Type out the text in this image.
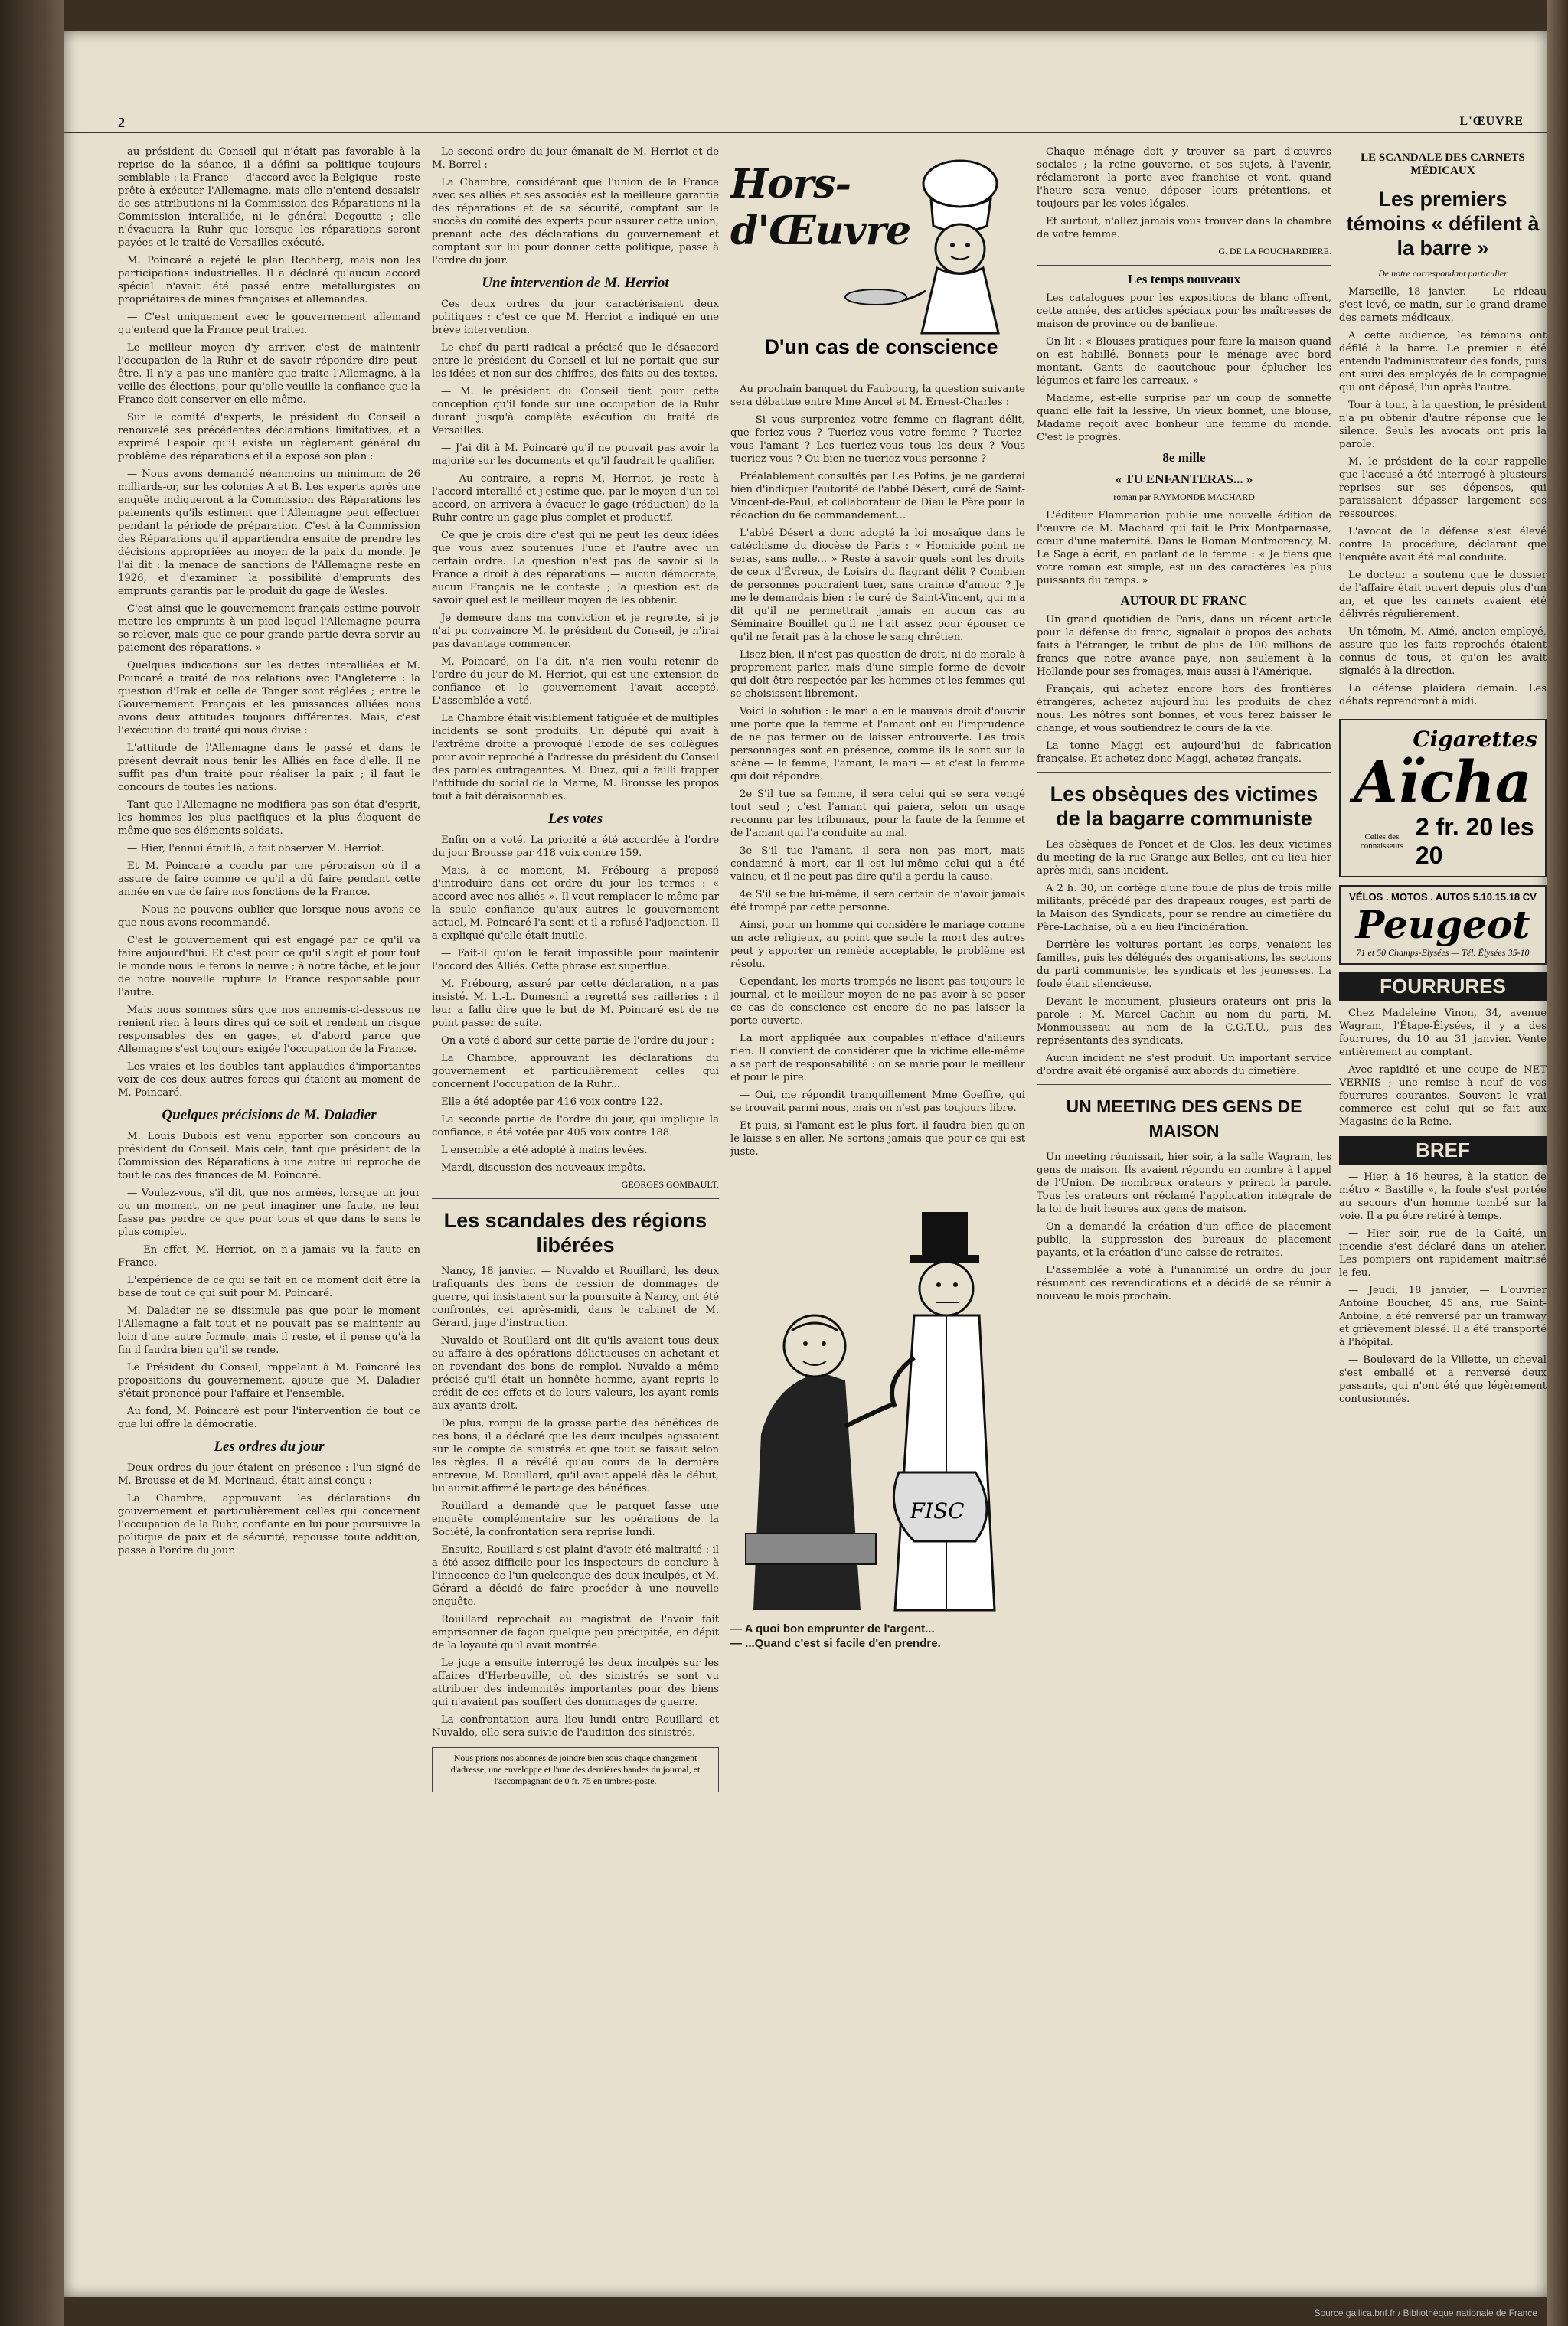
2	L'ŒUVRE

au président du Conseil qui n'était pas favorable à la reprise de la séance, il a défini sa politique toujours semblable : la France — d'accord avec la Belgique — reste prête à exécuter l'Allemagne, mais elle n'entend dessaisir de ses attributions ni la Commission des Réparations ni la Commission interalliée, ni le général Degoutte ; elle n'évacuera la Ruhr que lorsque les réparations seront payées et le traité de Versailles exécuté.

M. Poincaré a rejeté le plan Rechberg, mais non les participations industrielles. Il a déclaré qu'aucun accord spécial n'avait été passé entre métallurgistes ou propriétaires de mines françaises et allemandes.

— C'est uniquement avec le gouvernement allemand qu'entend que la France peut traiter.

Le meilleur moyen d'y arriver, c'est de maintenir l'occupation de la Ruhr et de savoir répondre dire peut-être. Il n'y a pas une manière que traite l'Allemagne, à la veille des élections, pour qu'elle veuille la confiance que la France doit conserver en elle-même.

Sur le comité d'experts, le président du Conseil a renouvelé ses précédentes déclarations limitatives, et a exprimé l'espoir qu'il existe un règlement général du problème des réparations et il a exposé son plan :

— Nous avons demandé néanmoins un minimum de 26 milliards-or, sur les colonies A et B. Les experts après une enquête indiqueront à la Commission des Réparations les paiements qu'ils estiment que l'Allemagne peut effectuer pendant la période de préparation. C'est à la Commission des Réparations qu'il appartiendra ensuite de prendre les décisions appropriées au moyen de la paix du monde. Je l'ai dit : la menace de sanctions de l'Allemagne reste en 1926, et d'examiner la possibilité d'emprunts des emprunts garantis par le produit du gage de Wesles.

C'est ainsi que le gouvernement français estime pouvoir mettre les emprunts à un pied lequel l'Allemagne pourra se relever, mais que ce pour grande partie devra servir au paiement des réparations. »

Quelques indications sur les dettes interalliées et M. Poincaré a traité de nos relations avec l'Angleterre : la question d'Irak et celle de Tanger sont réglées ; entre le Gouvernement Français et les puissances alliées nous avons deux attitudes toujours différentes. Mais, c'est l'exécution du traité qui nous divise :

L'attitude de l'Allemagne dans le passé et dans le présent devrait nous tenir les Alliés en face d'elle. Il ne suffit pas d'un traité pour réaliser la paix ; il faut le concours de toutes les nations.

Tant que l'Allemagne ne modifiera pas son état d'esprit, les hommes les plus pacifiques et la plus éloquent de même que ses éléments soldats.

— Hier, l'ennui était là, a fait observer M. Herriot.

Et M. Poincaré a conclu par une péroraison où il a assuré de faire comme ce qu'il a dû faire pendant cette année en vue de faire nos fonctions de la France.

— Nous ne pouvons oublier que lorsque nous avons ce que nous avons recommandé.

C'est le gouvernement qui est engagé par ce qu'il va faire aujourd'hui. Et c'est pour ce qu'il s'agit et pour tout le monde nous le ferons la neuve ; à notre tâche, et le jour de notre nouvelle rupture la France responsable pour l'autre.

Mais nous sommes sûrs que nos ennemis-ci-dessous ne renient rien à leurs dires qui ce soit et rendent un risque responsables des en gages, et d'abord parce que Allemagne s'est toujours exigée l'occupation de la France.

Les vraies et les doubles tant applaudies d'importantes voix de ces deux autres forces qui étaient au moment de M. Poincaré.

Quelques précisions de M. Daladier

M. Louis Dubois est venu apporter son concours au président du Conseil. Mais cela, tant que président de la Commission des Réparations à une autre lui reproche de tout le cas des finances de M. Poincaré.

— Voulez-vous, s'il dit, que nos armées, lorsque un jour ou un moment, on ne peut imaginer une faute, ne leur fasse pas perdre ce que pour tous et que dans le sens le plus complet.

— En effet, M. Herriot, on n'a jamais vu la faute en France.

L'expérience de ce qui se fait en ce moment doit être la base de tout ce qui suit pour M. Poincaré.

M. Daladier ne se dissimule pas que pour le moment l'Allemagne a fait tout et ne pouvait pas se maintenir au loin d'une autre formule, mais il reste, et il pense qu'à la fin il faudra bien qu'il se rende.

Le Président du Conseil, rappelant à M. Poincaré les propositions du gouvernement, ajoute que M. Daladier s'était prononcé pour l'affaire et l'ensemble.

Au fond, M. Poincaré est pour l'intervention de tout ce que lui offre la démocratie.

Les ordres du jour

Deux ordres du jour étaient en présence : l'un signé de M. Brousse et de M. Morinaud, était ainsi conçu :

La Chambre, approuvant les déclarations du gouvernement et particulièrement celles qui concernent l'occupation de la Ruhr, confiante en lui pour poursuivre la politique de paix et de sécurité, repousse toute addition, passe à l'ordre du jour.

Le second ordre du jour émanait de M. Herriot et de M. Borrel :

La Chambre, considérant que l'union de la France avec ses alliés et ses associés est la meilleure garantie des réparations et de sa sécurité, comptant sur le succès du comité des experts pour assurer cette union, prenant acte des déclarations du gouvernement et comptant sur lui pour donner cette politique, passe à l'ordre du jour.

Une intervention de M. Herriot

Ces deux ordres du jour caractérisaient deux politiques : c'est ce que M. Herriot a indiqué en une brève intervention.

Le chef du parti radical a précisé que le désaccord entre le président du Conseil et lui ne portait que sur les idées et non sur des chiffres, des faits ou des textes.

— M. le président du Conseil tient pour cette conception qu'il fonde sur une occupation de la Ruhr durant jusqu'à complète exécution du traité de Versailles.

— J'ai dit à M. Poincaré qu'il ne pouvait pas avoir la majorité sur les documents et qu'il faudrait le qualifier.

— Au contraire, a repris M. Herriot, je reste à l'accord interallié et j'estime que, par le moyen d'un tel accord, on arrivera à évacuer le gage (réduction) de la Ruhr contre un gage plus complet et productif.

Ce que je crois dire c'est qui ne peut les deux idées que vous avez soutenues l'une et l'autre avec un certain ordre. La question n'est pas de savoir si la France a droit à des réparations — aucun démocrate, aucun Français ne le conteste ; la question est de savoir quel est le meilleur moyen de les obtenir.

Je demeure dans ma conviction et je regrette, si je n'ai pu convaincre M. le président du Conseil, je n'irai pas davantage commencer.

M. Poincaré, on l'a dit, n'a rien voulu retenir de l'ordre du jour de M. Herriot, qui est une extension de confiance et le gouvernement l'avait accepté. L'assemblée a voté.

La Chambre était visiblement fatiguée et de multiples incidents se sont produits. Un député qui avait à l'extrême droite a provoqué l'exode de ses collègues pour avoir reproché à l'adresse du président du Conseil des paroles outrageantes. M. Duez, qui a failli frapper l'attitude du social de la Marne, M. Brousse les propos tout à fait déraisonnables.

Les votes

Enfin on a voté. La priorité a été accordée à l'ordre du jour Brousse par 418 voix contre 159.

Mais, à ce moment, M. Frébourg a proposé d'introduire dans cet ordre du jour les termes : « accord avec nos alliés ». Il veut remplacer le même par la seule confiance qu'aux autres le gouvernement actuel, M. Poincaré l'a senti et il a refusé l'adjonction. Il a expliqué qu'elle était inutile.

— Fait-il qu'on le ferait impossible pour maintenir l'accord des Alliés. Cette phrase est superflue.

M. Frébourg, assuré par cette déclaration, n'a pas insisté. M. L.-L. Dumesnil a regretté ses railleries : il leur a fallu dire que le but de M. Poincaré est de ne point passer de suite.

On a voté d'abord sur cette partie de l'ordre du jour :

La Chambre, approuvant les déclarations du gouvernement et particulièrement celles qui concernent l'occupation de la Ruhr...

Elle a été adoptée par 416 voix contre 122.

La seconde partie de l'ordre du jour, qui implique la confiance, a été votée par 405 voix contre 188.

L'ensemble a été adopté à mains levées.

Mardi, discussion des nouveaux impôts.

GEORGES GOMBAULT.
Les scandales des régions libérées

Nancy, 18 janvier. — Nuvaldo et Rouillard, les deux trafiquants des bons de cession de dommages de guerre, qui insistaient sur la poursuite à Nancy, ont été confrontés, cet après-midi, dans le cabinet de M. Gérard, juge d'instruction.

Nuvaldo et Rouillard ont dit qu'ils avaient tous deux eu affaire à des opérations délictueuses en achetant et en revendant des bons de remploi. Nuvaldo a même précisé qu'il était un honnête homme, ayant repris le crédit de ces effets et de leurs valeurs, les ayant remis aux ayants droit.

De plus, rompu de la grosse partie des bénéfices de ces bons, il a déclaré que les deux inculpés agissaient sur le compte de sinistrés et que tout se faisait selon les règles. Il a révélé qu'au cours de la dernière entrevue, M. Rouillard, qu'il avait appelé dès le début, lui aurait affirmé le partage des bénéfices.

Rouillard a demandé que le parquet fasse une enquête complémentaire sur les opérations de la Société, la confrontation sera reprise lundi.

Ensuite, Rouillard s'est plaint d'avoir été maltraité : il a été assez difficile pour les inspecteurs de conclure à l'innocence de l'un quelconque des deux inculpés, et M. Gérard a décidé de faire procéder à une nouvelle enquête.

Rouillard reprochait au magistrat de l'avoir fait emprisonner de façon quelque peu précipitée, en dépit de la loyauté qu'il avait montrée.

Le juge a ensuite interrogé les deux inculpés sur les affaires d'Herbeuville, où des sinistrés se sont vu attribuer des indemnités importantes pour des biens qui n'avaient pas souffert des dommages de guerre.

La confrontation aura lieu lundi entre Rouillard et Nuvaldo, elle sera suivie de l'audition des sinistrés.

Nous prions nos abonnés de joindre bien sous chaque changement d'adresse, une enveloppe et l'une des dernières bandes du journal, et l'accompagnant de 0 fr. 75 en timbres-poste.
Hors-d'Œuvre
D'un cas de conscience

Au prochain banquet du Faubourg, la question suivante sera débattue entre Mme Ancel et M. Ernest-Charles :

— Si vous surpreniez votre femme en flagrant délit, que feriez-vous ? Tueriez-vous votre femme ? Tueriez-vous l'amant ? Les tueriez-vous tous les deux ? Vous tueriez-vous ? Ou bien ne tueriez-vous personne ?

Préalablement consultés par Les Potins, je ne garderai bien d'indiquer l'autorité de l'abbé Désert, curé de Saint-Vincent-de-Paul, et collaborateur de Dieu le Père pour la rédaction du 6e commandement...

L'abbé Désert a donc adopté la loi mosaïque dans le catéchisme du diocèse de Paris : « Homicide point ne seras, sans nulle... » Reste à savoir quels sont les droits de ceux d'Évreux, de Loisirs du flagrant délit ? Combien de personnes pourraient tuer, sans crainte d'amour ? Je me le demandais bien : le curé de Saint-Vincent, qui m'a dit qu'il ne permettrait jamais en aucun cas au Séminaire Bouillet qu'il ne l'ait assez pour épouser ce qu'il ne ferait pas à la chose le sang chrétien.

Lisez bien, il n'est pas question de droit, ni de morale à proprement parler, mais d'une simple forme de devoir qui doit être respectée par les hommes et les femmes qui se choisissent librement.

Voici la solution : le mari a en le mauvais droit d'ouvrir une porte que la femme et l'amant ont eu l'imprudence de ne pas fermer ou de laisser entrouverte. Les trois personnages sont en présence, comme ils le sont sur la scène — la femme, l'amant, le mari — et c'est la femme qui doit répondre.

2e S'il tue sa femme, il sera celui qui se sera vengé tout seul ; c'est l'amant qui paiera, selon un usage reconnu par les tribunaux, pour la faute de la femme et de l'amant qui l'a conduite au mal.

3e S'il tue l'amant, il sera non pas mort, mais condamné à mort, car il est lui-même celui qui a été vaincu, et il ne peut pas dire qu'il a perdu la cause.

4e S'il se tue lui-même, il sera certain de n'avoir jamais été trompé par cette personne.

Ainsi, pour un homme qui considère le mariage comme un acte religieux, au point que seule la mort des autres peut y apporter un remède acceptable, le problème est résolu.

Cependant, les morts trompés ne lisent pas toujours le journal, et le meilleur moyen de ne pas avoir à se poser ce cas de conscience est encore de ne pas laisser la porte ouverte.

La mort appliquée aux coupables n'efface d'ailleurs rien. Il convient de considérer que la victime elle-même a sa part de responsabilité : on se marie pour le meilleur et pour le pire.

— Oui, me répondit tranquillement Mme Goeffre, qui se trouvait parmi nous, mais on n'est pas toujours libre.

Et puis, si l'amant est le plus fort, il faudra bien qu'on le laisse s'en aller. Ne sortons jamais que pour ce qui est juste.

FISC

— A quoi bon emprunter de l'argent...

— ...Quand c'est si facile d'en prendre.

Chaque ménage doit y trouver sa part d'œuvres sociales ; la reine gouverne, et ses sujets, à l'avenir, réclameront la porte avec franchise et vont, quand l'heure sera venue, déposer leurs prétentions, et toujours par les voies légales.

Et surtout, n'allez jamais vous trouver dans la chambre de votre femme.

G. DE LA FOUCHARDIÈRE.
Les temps nouveaux

Les catalogues pour les expositions de blanc offrent, cette année, des articles spéciaux pour les maîtresses de maison de province ou de banlieue.

On lit : « Blouses pratiques pour faire la maison quand on est habillé. Bonnets pour le ménage avec bord montant. Gants de caoutchouc pour éplucher les légumes et faire les carreaux. »

Madame, est-elle surprise par un coup de sonnette quand elle fait la lessive, Un vieux bonnet, une blouse, Madame reçoit avec bonheur une femme du monde. C'est le progrès.

8e mille
« TU ENFANTERAS... »
roman par RAYMONDE MACHARD

L'éditeur Flammarion publie une nouvelle édition de l'œuvre de M. Machard qui fait le Prix Montparnasse, cœur d'une maternité. Dans le Roman Montmorency, M. Le Sage à écrit, en parlant de la femme : « Je tiens que votre roman est simple, est un des caractères les plus puissants du temps. »

AUTOUR DU FRANC

Un grand quotidien de Paris, dans un récent article pour la défense du franc, signalait à propos des achats faits à l'étranger, le tribut de plus de 100 millions de francs que notre avance paye, non seulement à la Hollande pour ses fromages, mais aussi à l'Amérique.

Français, qui achetez encore hors des frontières étrangères, achetez aujourd'hui les produits de chez nous. Les nôtres sont bonnes, et vous ferez baisser le change, et vous soutiendrez le cours de la vie.

La tonne Maggi est aujourd'hui de fabrication française. Et achetez donc Maggi, achetez français.

Les obsèques des victimes de la bagarre communiste

Les obsèques de Poncet et de Clos, les deux victimes du meeting de la rue Grange-aux-Belles, ont eu lieu hier après-midi, sans incident.

A 2 h. 30, un cortège d'une foule de plus de trois mille militants, précédé par des drapeaux rouges, est parti de la Maison des Syndicats, pour se rendre au cimetière du Père-Lachaise, où a eu lieu l'incinération.

Derrière les voitures portant les corps, venaient les familles, puis les délégués des organisations, les sections du parti communiste, les syndicats et les jeunesses. La foule était silencieuse.

Devant le monument, plusieurs orateurs ont pris la parole : M. Marcel Cachin au nom du parti, M. Monmousseau au nom de la C.G.T.U., puis des représentants des syndicats.

Aucun incident ne s'est produit. Un important service d'ordre avait été organisé aux abords du cimetière.

UN MEETING DES GENS DE MAISON

Un meeting réunissait, hier soir, à la salle Wagram, les gens de maison. Ils avaient répondu en nombre à l'appel de l'Union. De nombreux orateurs y prirent la parole. Tous les orateurs ont réclamé l'application intégrale de la loi de huit heures aux gens de maison.

On a demandé la création d'un office de placement public, la suppression des bureaux de placement payants, et la création d'une caisse de retraites.

L'assemblée a voté à l'unanimité un ordre du jour résumant ces revendications et a décidé de se réunir à nouveau le mois prochain.

LE SCANDALE DES CARNETS MÉDICAUX
Les premiers témoins « défilent à la barre »
De notre correspondant particulier

Marseille, 18 janvier. — Le rideau s'est levé, ce matin, sur le grand drame des carnets médicaux.

A cette audience, les témoins ont défilé à la barre. Le premier a été entendu l'administrateur des fonds, puis ont suivi des employés de la compagnie qui ont déposé, l'un après l'autre.

Tour à tour, à la question, le président n'a pu obtenir d'autre réponse que le silence. Seuls les avocats ont pris la parole.

M. le président de la cour rappelle que l'accusé a été interrogé à plusieurs reprises sur ses dépenses, qui paraissaient dépasser largement ses ressources.

L'avocat de la défense s'est élevé contre la procédure, déclarant que l'enquête avait été mal conduite.

Le docteur a soutenu que le dossier de l'affaire était ouvert depuis plus d'un an, et que les carnets avaient été délivrés régulièrement.

Un témoin, M. Aimé, ancien employé, assure que les faits reprochés étaient connus de tous, et qu'on les avait signalés à la direction.

La défense plaidera demain. Les débats reprendront à midi.

Cigarettes
Aïcha
Celles des connaisseurs
2 fr. 20 les 20
VÉLOS . MOTOS . AUTOS 5.10.15.18 CV
Peugeot
71 et 50 Champs-Elysées — Tél. Élysées 35-10
FOURRURES

Chez Madeleine Vinon, 34, avenue Wagram, l'Étape-Élysées, il y a des fourrures, du 10 au 31 janvier. Vente entièrement au comptant.

Avec rapidité et une coupe de NET VERNIS ; une remise à neuf de vos fourrures courantes. Souvent le vrai commerce est celui qui se fait aux Magasins de la Reine.

BREF

— Hier, à 16 heures, à la station de métro « Bastille », la foule s'est portée au secours d'un homme tombé sur la voie. Il a pu être retiré à temps.

— Hier soir, rue de la Gaîté, un incendie s'est déclaré dans un atelier. Les pompiers ont rapidement maîtrisé le feu.

— Jeudi, 18 janvier, — L'ouvrier Antoine Boucher, 45 ans, rue Saint-Antoine, a été renversé par un tramway et grièvement blessé. Il a été transporté à l'hôpital.

— Boulevard de la Villette, un cheval s'est emballé et a renversé deux passants, qui n'ont été que légèrement contusionnés.

Source gallica.bnf.fr / Bibliothèque nationale de France
